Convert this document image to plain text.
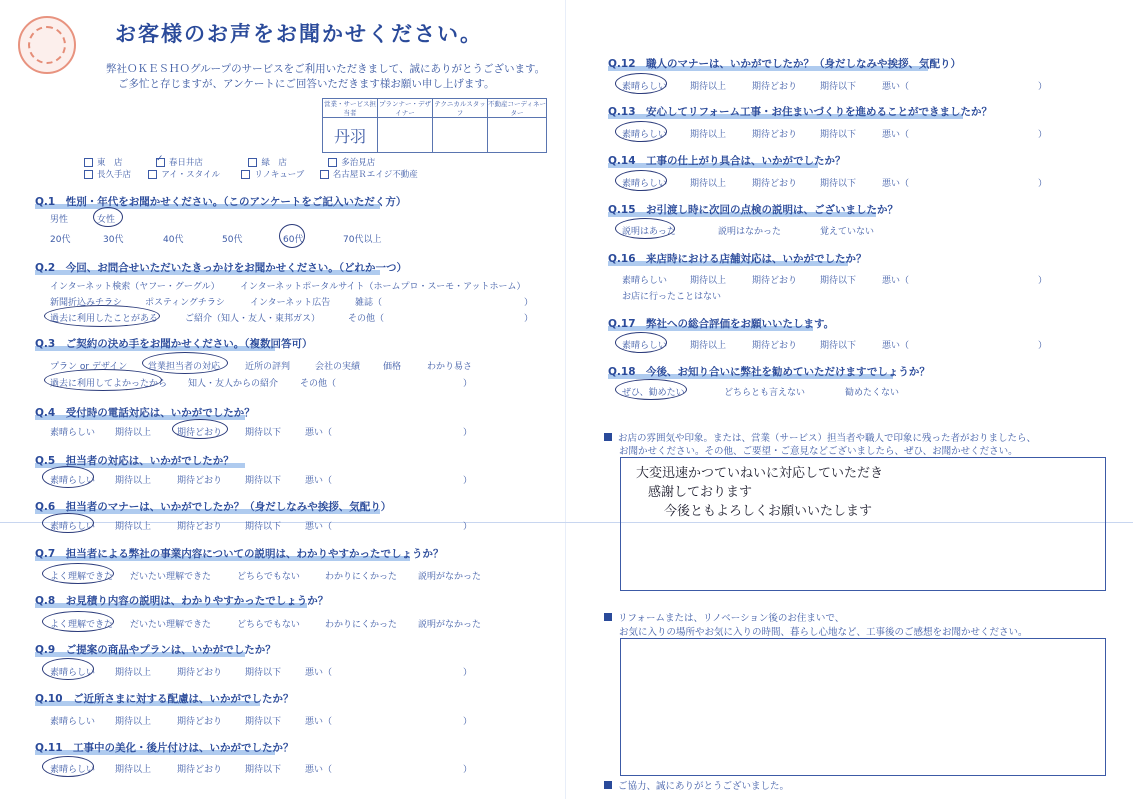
お客様のお声をお聞かせください。
弊社ＯＫＥＳＨＯグループのサービスをご利用いただきまして、誠にありがとうございます。
ご多忙と存じますが、アンケートにご回答いただきます様お願い申し上げます。
営業・サービス担当者	プランナー・デザイナー	テクニカルスタッフ	不動産コーディネーター
丹羽			
東　店	✓ 春日井店	緑　店	多治見店
長久手店	アイ・スタイル	リノキューブ	名古屋Ｒエイジ不動産
Q.1　性別・年代をお聞かせください。（このアンケートをご記入いただく方）
男性	女性
20代	30代	40代	50代	60代	70代以上
Q.2　今回、お問合せいただいたきっかけをお聞かせください。（どれか一つ）
インターネット検索（ヤフー・グーグル） インターネットポータルサイト（ホームプロ・スーモ・アットホーム）
新聞折込みチラシ	ポスティングチラシ	インターネット広告	雑誌（	）
過去に利用したことがある	ご紹介（知人・友人・東邦ガス）	その他（	）
Q.3　ご契約の決め手をお聞かせください。（複数回答可）
プラン or デザイン 営業担当者の対応	近所の評判	会社の実績	価格	わかり易さ
過去に利用してよかったから 知人・友人からの紹介 その他（	）
Q.4　受付時の電話対応は、いかがでしたか？
素晴らしい 期待以上	期待どおり	期待以下	悪い（	）
Q.5　担当者の対応は、いかがでしたか？
素晴らしい 期待以上	期待どおり	期待以下	悪い（	）
Q.6　担当者のマナーは、いかがでしたか？（身だしなみや挨拶、気配り）
素晴らしい 期待以上	期待どおり	期待以下	悪い（	）
Q.7　担当者による弊社の事業内容についての説明は、わかりやすかったでしょうか？
よく理解できた だいたい理解できた	どちらでもない	わかりにくかった 説明がなかった
Q.8　お見積り内容の説明は、わかりやすかったでしょうか？
よく理解できた だいたい理解できた	どちらでもない	わかりにくかった 説明がなかった
Q.9　ご提案の商品やプランは、いかがでしたか？
素晴らしい 期待以上	期待どおり	期待以下	悪い（	）
Q.10　ご近所さまに対する配慮は、いかがでしたか？
素晴らしい 期待以上	期待どおり	期待以下	悪い（	）
Q.11　工事中の美化・後片付けは、いかがでしたか？
素晴らしい 期待以上	期待どおり	期待以下	悪い（	）
Q.12　職人のマナーは、いかがでしたか？（身だしなみや挨拶、気配り）
素晴らしい	期待以上	期待どおり	期待以下	悪い（	）
Q.13　安心してリフォーム工事・お住まいづくりを進めることができましたか？
素晴らしい	期待以上	期待どおり	期待以下	悪い（	）
Q.14　工事の仕上がり具合は、いかがでしたか？
素晴らしい	期待以上	期待どおり	期待以下	悪い（	）
Q.15　お引渡し時に次回の点検の説明は、ございましたか？
説明はあった	説明はなかった	覚えていない
Q.16　来店時における店舗対応は、いかがでしたか？
素晴らしい	期待以上	期待どおり	期待以下	悪い（	）
お店に行ったことはない
Q.17　弊社への総合評価をお願いいたします。
素晴らしい	期待以上	期待どおり	期待以下	悪い（	）
Q.18　今後、お知り合いに弊社を勧めていただけますでしょうか？
ぜひ、勧めたい	どちらとも言えない	勧めたくない
お店の雰囲気や印象。または、営業（サービス）担当者や職人で印象に残った者がおりましたら、
お聞かせください。その他、ご要望・ご意見などございましたら、ぜひ、お聞かせください。
大変迅速かつていねいに対応していただき
感謝しております
今後ともよろしくお願いいたします
リフォームまたは、リノベーション後のお住まいで、
お気に入りの場所やお気に入りの時間、暮らし心地など、工事後のご感想をお聞かせください。
ご協力、誠にありがとうございました。
